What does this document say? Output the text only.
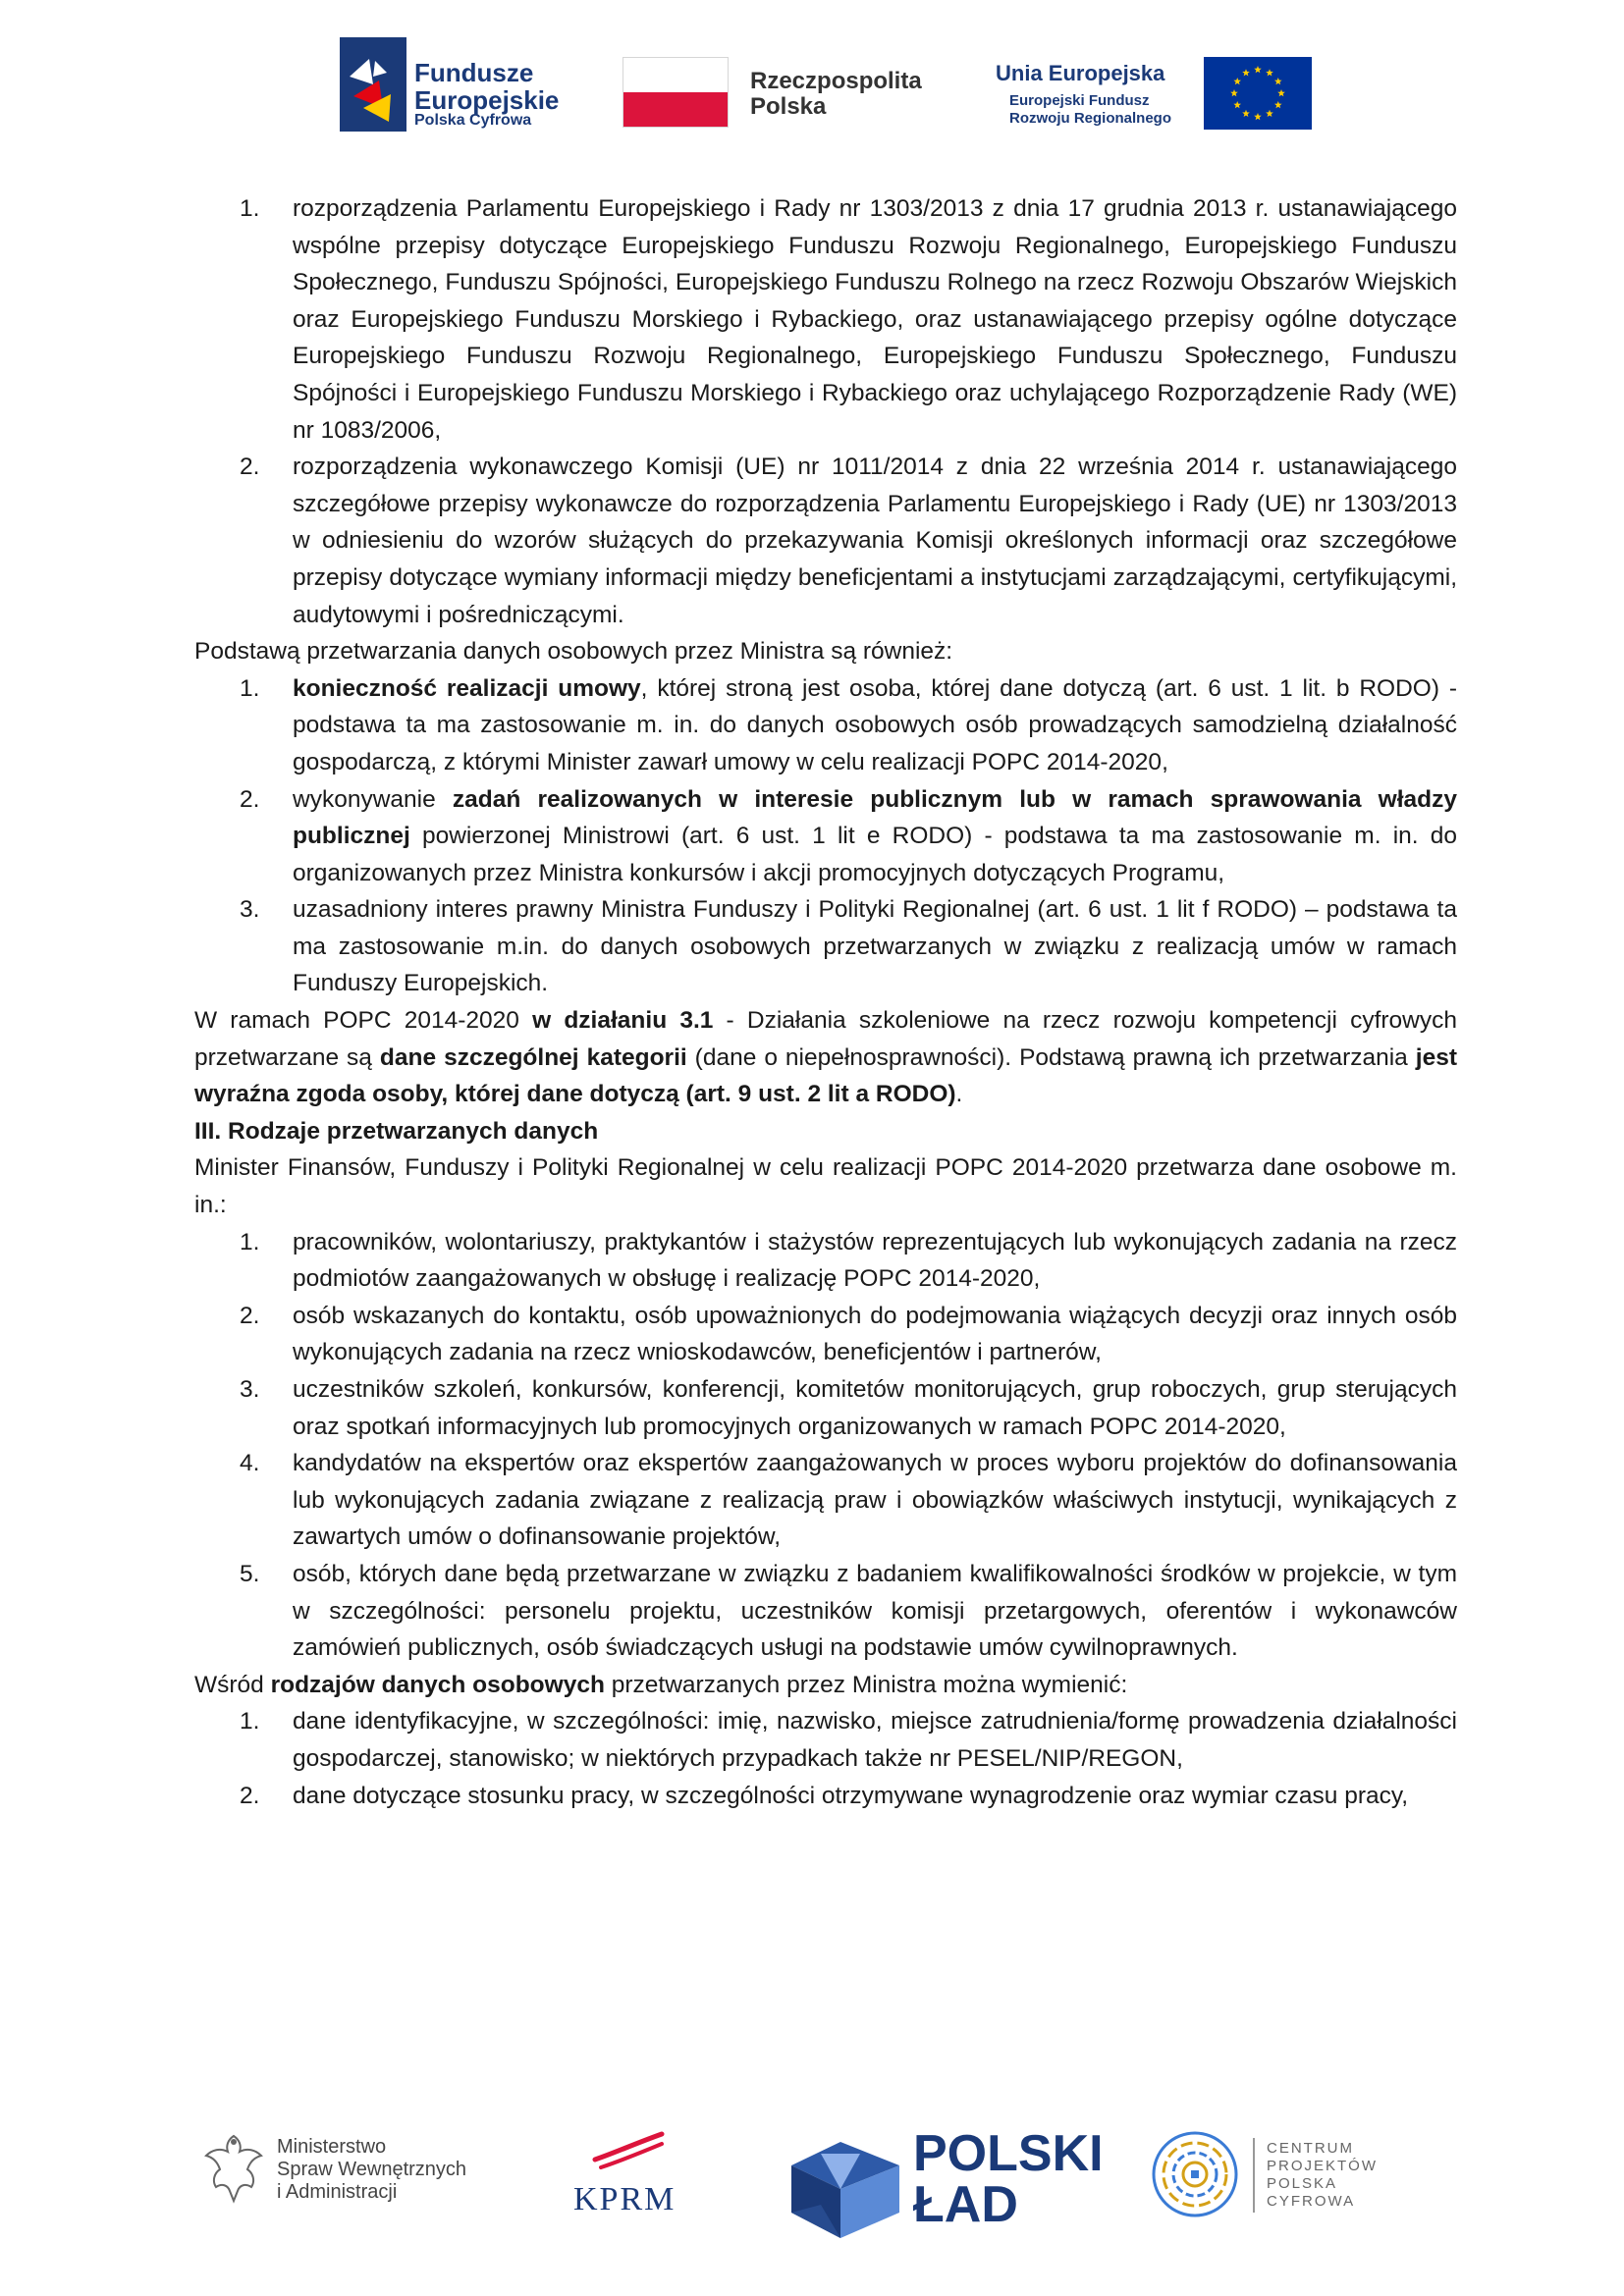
Fundusze
Europejskie
Polska Cyfrowa
Rzeczpospolita
Polska
Unia Europejska
Europejski Fundusz
Rozwoju Regionalnego
1. rozporządzenia Parlamentu Europejskiego i Rady nr 1303/2013 z dnia 17 grudnia 2013 r. ustanawiającego wspólne przepisy dotyczące Europejskiego Funduszu Rozwoju Regionalnego, Europejskiego Funduszu Społecznego, Funduszu Spójności, Europejskiego Funduszu Rolnego na rzecz Rozwoju Obszarów Wiejskich oraz Europejskiego Funduszu Morskiego i Rybackiego, oraz ustanawiającego przepisy ogólne dotyczące Europejskiego Funduszu Rozwoju Regionalnego, Europejskiego Funduszu Społecznego, Funduszu Spójności i Europejskiego Funduszu Morskiego i Rybackiego oraz uchylającego Rozporządzenie Rady (WE) nr 1083/2006,
2. rozporządzenia wykonawczego Komisji (UE) nr 1011/2014 z dnia 22 września 2014 r. ustanawiającego szczegółowe przepisy wykonawcze do rozporządzenia Parlamentu Europejskiego i Rady (UE) nr 1303/2013 w odniesieniu do wzorów służących do przekazywania Komisji określonych informacji oraz szczegółowe przepisy dotyczące wymiany informacji między beneficjentami a instytucjami zarządzającymi, certyfikującymi, audytowymi i pośredniczącymi.

Podstawą przetwarzania danych osobowych przez Ministra są również:

1. konieczność realizacji umowy, której stroną jest osoba, której dane dotyczą (art. 6 ust. 1 lit. b RODO) - podstawa ta ma zastosowanie m. in. do danych osobowych osób prowadzących samodzielną działalność gospodarczą, z którymi Minister zawarł umowy w celu realizacji POPC 2014-2020,
2. wykonywanie zadań realizowanych w interesie publicznym lub w ramach sprawowania władzy publicznej powierzonej Ministrowi (art. 6 ust. 1 lit e RODO) - podstawa ta ma zastosowanie m. in. do organizowanych przez Ministra konkursów i akcji promocyjnych dotyczących Programu,
3. uzasadniony interes prawny Ministra Funduszy i Polityki Regionalnej (art. 6 ust. 1 lit f RODO) – podstawa ta ma zastosowanie m.in. do danych osobowych przetwarzanych w związku z realizacją umów w ramach Funduszy Europejskich.

W ramach POPC 2014-2020 w działaniu 3.1 - Działania szkoleniowe na rzecz rozwoju kompetencji cyfrowych przetwarzane są dane szczególnej kategorii (dane o niepełnosprawności). Podstawą prawną ich przetwarzania jest wyraźna zgoda osoby, której dane dotyczą (art. 9 ust. 2 lit a RODO).

III. Rodzaje przetwarzanych danych

Minister Finansów, Funduszy i Polityki Regionalnej w celu realizacji POPC 2014-2020 przetwarza dane osobowe m. in.:

1. pracowników, wolontariuszy, praktykantów i stażystów reprezentujących lub wykonujących zadania na rzecz podmiotów zaangażowanych w obsługę i realizację POPC 2014-2020,
2. osób wskazanych do kontaktu, osób upoważnionych do podejmowania wiążących decyzji oraz innych osób wykonujących zadania na rzecz wnioskodawców, beneficjentów i partnerów,
3. uczestników szkoleń, konkursów, konferencji, komitetów monitorujących, grup roboczych, grup sterujących oraz spotkań informacyjnych lub promocyjnych organizowanych w ramach POPC 2014-2020,
4. kandydatów na ekspertów oraz ekspertów zaangażowanych w proces wyboru projektów do dofinansowania lub wykonujących zadania związane z realizacją praw i obowiązków właściwych instytucji, wynikających z zawartych umów o dofinansowanie projektów,
5. osób, których dane będą przetwarzane w związku z badaniem kwalifikowalności środków w projekcie, w tym w szczególności: personelu projektu, uczestników komisji przetargowych, oferentów i wykonawców zamówień publicznych, osób świadczących usługi na podstawie umów cywilnoprawnych.

Wśród rodzajów danych osobowych przetwarzanych przez Ministra można wymienić:

1. dane identyfikacyjne, w szczególności: imię, nazwisko, miejsce zatrudnienia/formę prowadzenia działalności gospodarczej, stanowisko; w niektórych przypadkach także nr PESEL/NIP/REGON,
2. dane dotyczące stosunku pracy, w szczególności otrzymywane wynagrodzenie oraz wymiar czasu pracy,
Ministerstwo
Spraw Wewnętrznych
i Administracji	KPRM
POLSKI
ŁAD
CENTRUM
PROJEKTÓW
POLSKA
CYFROWA
